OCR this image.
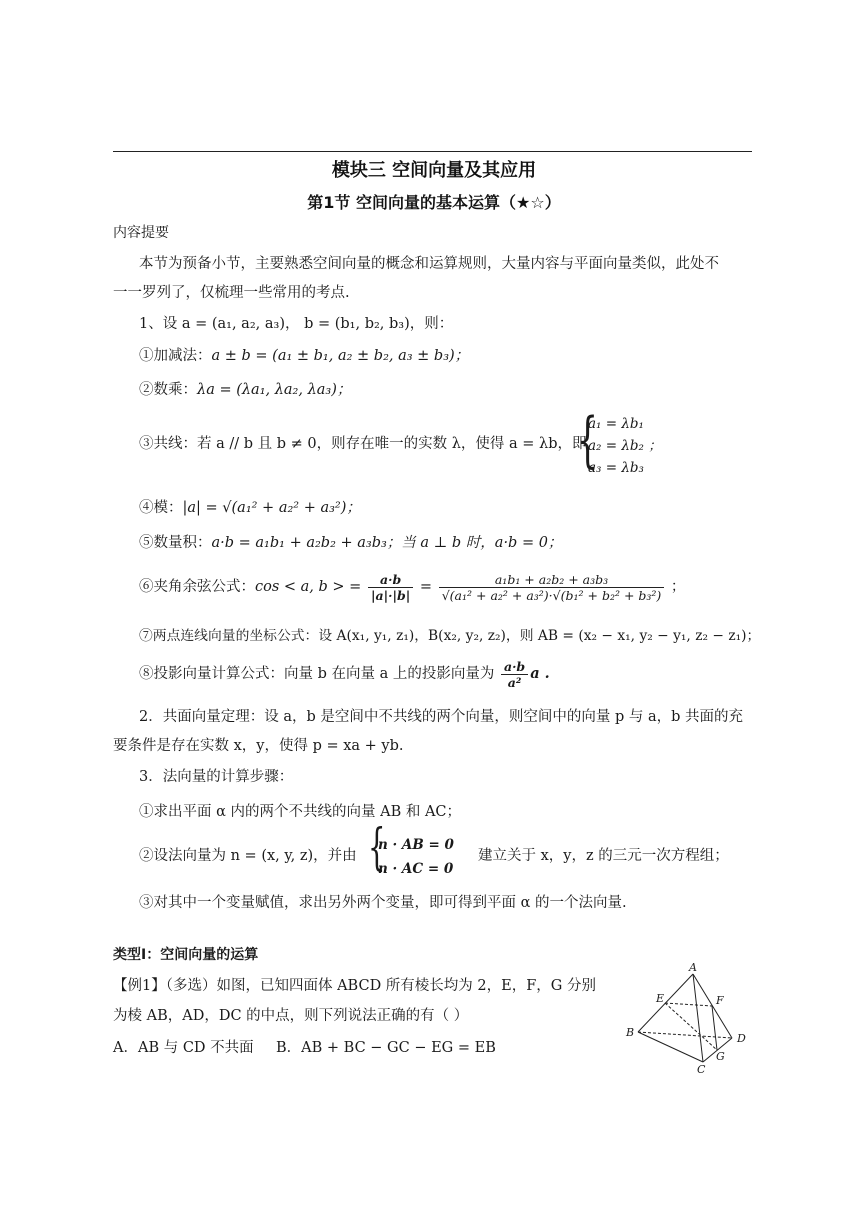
模块三 空间向量及其应用
第1节 空间向量的基本运算（★☆）
内容提要
本节为预备小节，主要熟悉空间向量的概念和运算规则，大量内容与平面向量类似，此处不
一一罗列了，仅梳理一些常用的考点.
1、设 a = (a₁, a₂, a₃)， b = (b₁, b₂, b₃)，则：
①加减法：a ± b = (a₁ ± b₁, a₂ ± b₂, a₃ ± b₃)；
②数乘：λa = (λa₁, λa₂, λa₃)；
③共线：若 a // b 且 b ≠ 0，则存在唯一的实数 λ，使得 a = λb，即
{
a₁ = λb₁
a₂ = λb₂ ；
a₃ = λb₃
④模：|a| = √(a₁² + a₂² + a₃²)；
⑤数量积：a·b = a₁b₁ + a₂b₂ + a₃b₃；当 a ⊥ b 时，a·b = 0；
⑥夹角余弦公式：cos < a, b > = $\frac{a\cdot b}{|a|\cdot|b|} = \frac{\text{a₁b₁ + a₂b₂ + a₃b₃}}{\text{√(a₁² + a₂² + a₃²)·√(b₁² + b₂² + b₃²)}}$ ；
⑦两点连线向量的坐标公式：设 A(x₁, y₁, z₁)，B(x₂, y₂, z₂)，则 AB = (x₂ − x₁, y₂ − y₁, z₂ − z₁)；
⑧投影向量计算公式：向量 b 在向量 a 上的投影向量为 $\frac{a\cdot b}{\text{a²}}$ a .
2．共面向量定理：设 a，b 是空间中不共线的两个向量，则空间中的向量 p 与 a，b 共面的充
要条件是存在实数 x，y，使得 p = xa + yb.
3．法向量的计算步骤：
①求出平面 α 内的两个不共线的向量 AB 和 AC；
②设法向量为 n = (x, y, z)，并由 {
n · AB = 0
n · AC = 0
建立关于 x，y，z 的三元一次方程组；
③对其中一个变量赋值，求出另外两个变量，即可得到平面 α 的一个法向量.
类型Ⅰ：空间向量的运算
【例1】（多选）如图，已知四面体 ABCD 所有棱长均为 2，E，F，G 分别
为棱 AB，AD，DC 的中点，则下列说法正确的有（ ）
A．AB 与 CD 不共面 B．AB + BC − GC − EG = EB
A
B
C
D
E	F
G
